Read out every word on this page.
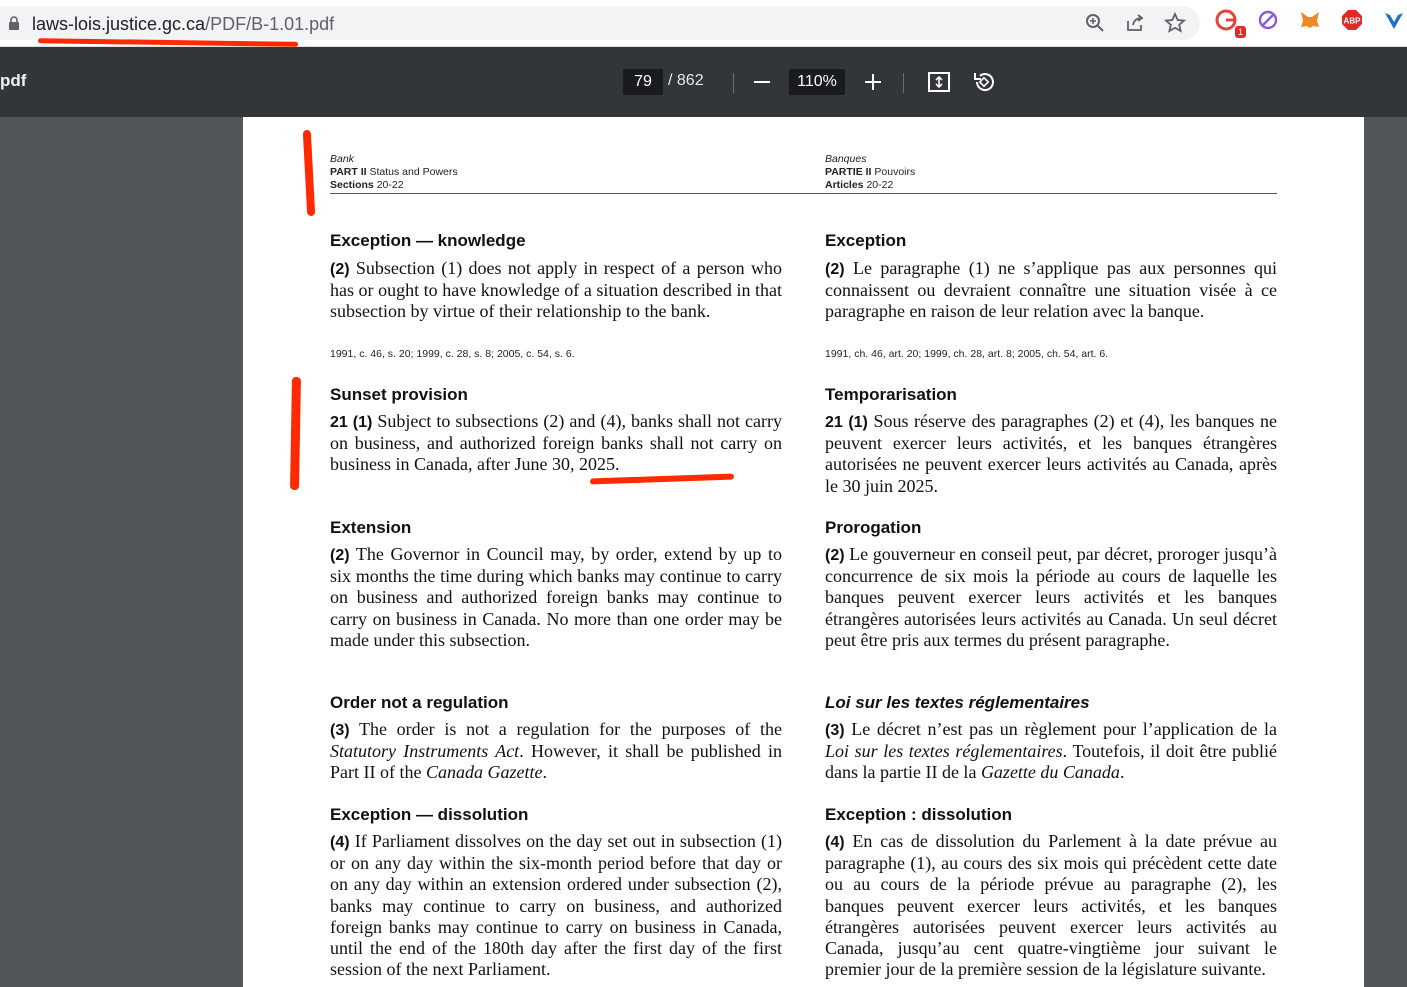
laws-lois.justice.gc.ca/PDF/B-1.01.pdf	1
ABP
pdf	79	/ 862	110%
Bank
PART II Status and Powers
Sections 20-22
Banques
PARTIE II Pouvoirs
Articles 20-22
Exception — knowledge
(2) Subsection (1) does not apply in respect of a person who has or ought to have knowledge of a situation described in that subsection by virtue of their relationship to the bank.
1991, c. 46, s. 20; 1999, c. 28, s. 8; 2005, c. 54, s. 6.
Sunset provision
21 (1) Subject to subsections (2) and (4), banks shall not carry on business, and authorized foreign banks shall not carry on business in Canada, after June 30, 2025.
Extension
(2) The Governor in Council may, by order, extend by up to six months the time during which banks may continue to carry on business and authorized foreign banks may continue to carry on business in Canada. No more than one order may be made under this subsection.
Order not a regulation
(3) The order is not a regulation for the purposes of the Statutory Instruments Act. However, it shall be published in Part II of the Canada Gazette.
Exception — dissolution
(4) If Parliament dissolves on the day set out in subsection (1) or on any day within the six-month period before that day or on any day within an extension ordered under subsection (2), banks may continue to carry on business, and authorized foreign banks may continue to carry on business in Canada, until the end of the 180th day after the first day of the first session of the next Parliament.
Exception
(2) Le paragraphe (1) ne s’applique pas aux personnes qui connaissent ou devraient connaître une situation visée à ce paragraphe en raison de leur relation avec la banque.
1991, ch. 46, art. 20; 1999, ch. 28, art. 8; 2005, ch. 54, art. 6.
Temporarisation
21 (1) Sous réserve des paragraphes (2) et (4), les banques ne peuvent exercer leurs activités, et les banques étrangères autorisées ne peuvent exercer leurs activités au Canada, après le 30 juin 2025.
Prorogation
(2) Le gouverneur en conseil peut, par décret, proroger jusqu’à concurrence de six mois la période au cours de laquelle les banques peuvent exercer leurs activités et les banques étrangères autorisées leurs activités au Canada. Un seul décret peut être pris aux termes du présent paragraphe.
Loi sur les textes réglementaires
(3) Le décret n’est pas un règlement pour l’application de la Loi sur les textes réglementaires. Toutefois, il doit être publié dans la partie II de la Gazette du Canada.
Exception : dissolution
(4) En cas de dissolution du Parlement à la date prévue au paragraphe (1), au cours des six mois qui précèdent cette date ou au cours de la période prévue au paragraphe (2), les banques peuvent exercer leurs activités, et les banques étrangères autorisées peuvent exercer leurs activités au Canada, jusqu’au cent quatre-vingtième jour suivant le premier jour de la première session de la législature suivante.
